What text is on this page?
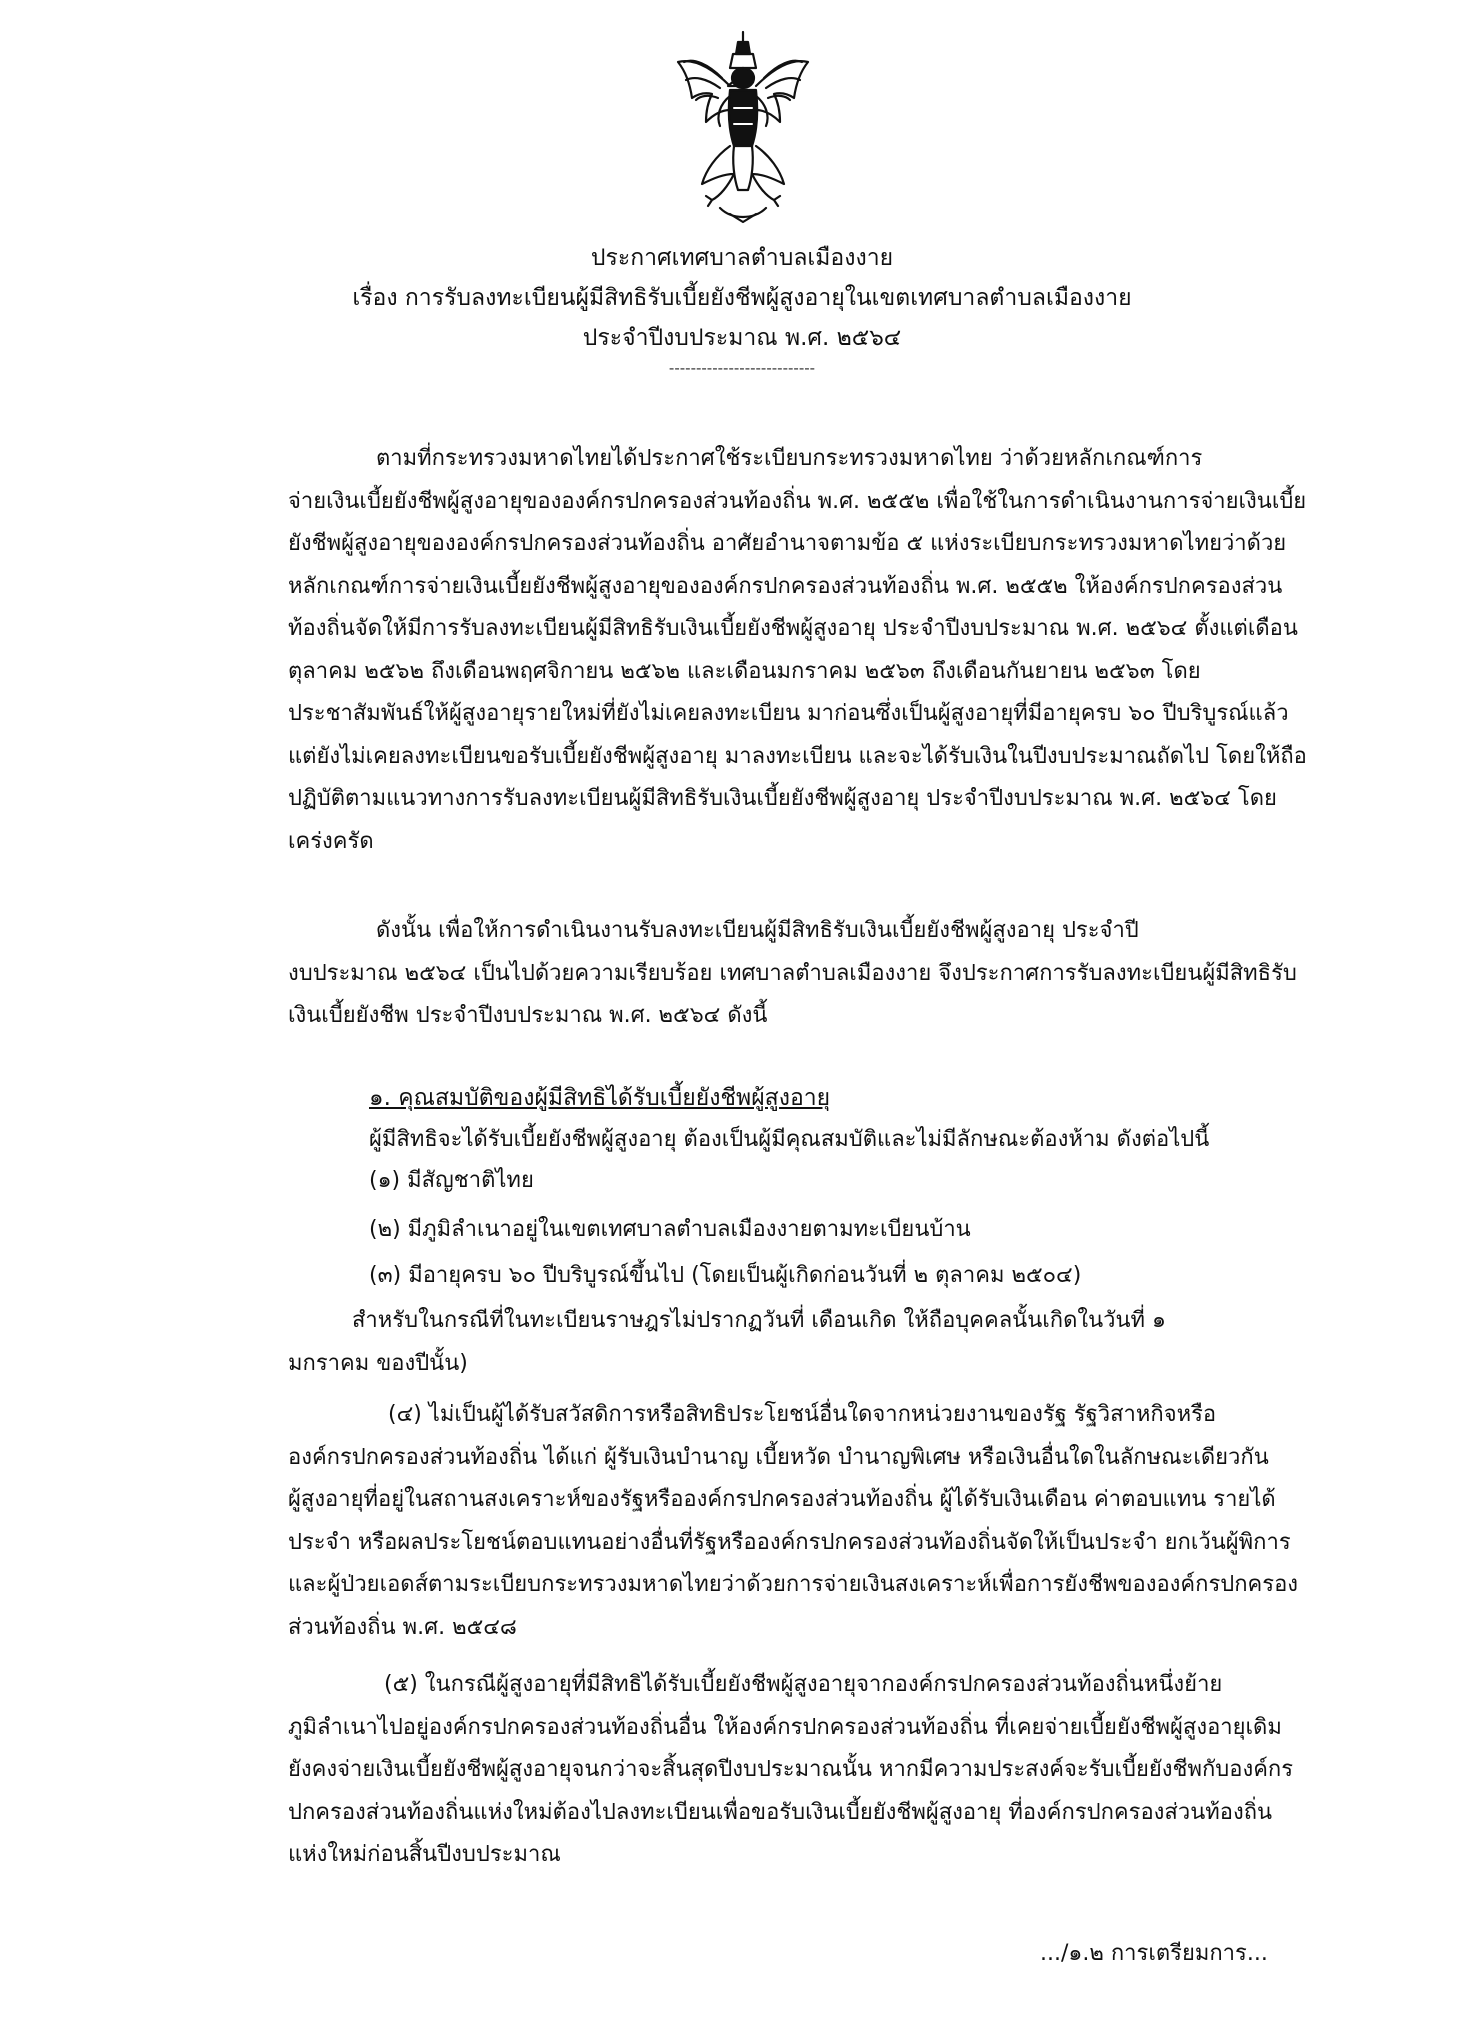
ประกาศเทศบาลตำบลเมืองงาย
เรื่อง การรับลงทะเบียนผู้มีสิทธิรับเบี้ยยังชีพผู้สูงอายุในเขตเทศบาลตำบลเมืองงาย
ประจำปีงบประมาณ พ.ศ. ๒๕๖๔
---------------------------
ตามที่กระทรวงมหาดไทยได้ประกาศใช้ระเบียบกระทรวงมหาดไทย ว่าด้วยหลักเกณฑ์การ
จ่ายเงินเบี้ยยังชีพผู้สูงอายุขององค์กรปกครองส่วนท้องถิ่น พ.ศ. ๒๕๕๒ เพื่อใช้ในการดำเนินงานการจ่ายเงินเบี้ย
ยังชีพผู้สูงอายุขององค์กรปกครองส่วนท้องถิ่น อาศัยอำนาจตามข้อ ๕ แห่งระเบียบกระทรวงมหาดไทยว่าด้วย
หลักเกณฑ์การจ่ายเงินเบี้ยยังชีพผู้สูงอายุขององค์กรปกครองส่วนท้องถิ่น พ.ศ. ๒๕๕๒ ให้องค์กรปกครองส่วน
ท้องถิ่นจัดให้มีการรับลงทะเบียนผู้มีสิทธิรับเงินเบี้ยยังชีพผู้สูงอายุ ประจำปีงบประมาณ พ.ศ. ๒๕๖๔ ตั้งแต่เดือน
ตุลาคม ๒๕๖๒ ถึงเดือนพฤศจิกายน ๒๕๖๒ และเดือนมกราคม ๒๕๖๓ ถึงเดือนกันยายน ๒๕๖๓ โดย
ประชาสัมพันธ์ให้ผู้สูงอายุรายใหม่ที่ยังไม่เคยลงทะเบียน มาก่อนซึ่งเป็นผู้สูงอายุที่มีอายุครบ ๖๐ ปีบริบูรณ์แล้ว
แต่ยังไม่เคยลงทะเบียนขอรับเบี้ยยังชีพผู้สูงอายุ มาลงทะเบียน และจะได้รับเงินในปีงบประมาณถัดไป โดยให้ถือ
ปฏิบัติตามแนวทางการรับลงทะเบียนผู้มีสิทธิรับเงินเบี้ยยังชีพผู้สูงอายุ ประจำปีงบประมาณ พ.ศ. ๒๕๖๔ โดย
เคร่งครัด
ดังนั้น เพื่อให้การดำเนินงานรับลงทะเบียนผู้มีสิทธิรับเงินเบี้ยยังชีพผู้สูงอายุ ประจำปี
งบประมาณ ๒๕๖๔ เป็นไปด้วยความเรียบร้อย เทศบาลตำบลเมืองงาย จึงประกาศการรับลงทะเบียนผู้มีสิทธิรับ
เงินเบี้ยยังชีพ ประจำปีงบประมาณ พ.ศ. ๒๕๖๔ ดังนี้
๑. คุณสมบัติของผู้มีสิทธิได้รับเบี้ยยังชีพผู้สูงอายุ
ผู้มีสิทธิจะได้รับเบี้ยยังชีพผู้สูงอายุ ต้องเป็นผู้มีคุณสมบัติและไม่มีลักษณะต้องห้าม ดังต่อไปนี้
(๑) มีสัญชาติไทย
(๒) มีภูมิลำเนาอยู่ในเขตเทศบาลตำบลเมืองงายตามทะเบียนบ้าน
(๓) มีอายุครบ ๖๐ ปีบริบูรณ์ขึ้นไป (โดยเป็นผู้เกิดก่อนวันที่ ๒ ตุลาคม ๒๕๐๔)
สำหรับในกรณีที่ในทะเบียนราษฎรไม่ปรากฏวันที่ เดือนเกิด ให้ถือบุคคลนั้นเกิดในวันที่ ๑
มกราคม ของปีนั้น)
(๔) ไม่เป็นผู้ได้รับสวัสดิการหรือสิทธิประโยชน์อื่นใดจากหน่วยงานของรัฐ รัฐวิสาหกิจหรือ
องค์กรปกครองส่วนท้องถิ่น ได้แก่ ผู้รับเงินบำนาญ เบี้ยหวัด บำนาญพิเศษ หรือเงินอื่นใดในลักษณะเดียวกัน
ผู้สูงอายุที่อยู่ในสถานสงเคราะห์ของรัฐหรือองค์กรปกครองส่วนท้องถิ่น ผู้ได้รับเงินเดือน ค่าตอบแทน รายได้
ประจำ หรือผลประโยชน์ตอบแทนอย่างอื่นที่รัฐหรือองค์กรปกครองส่วนท้องถิ่นจัดให้เป็นประจำ ยกเว้นผู้พิการ
และผู้ป่วยเอดส์ตามระเบียบกระทรวงมหาดไทยว่าด้วยการจ่ายเงินสงเคราะห์เพื่อการยังชีพขององค์กรปกครอง
ส่วนท้องถิ่น พ.ศ. ๒๕๔๘
(๕) ในกรณีผู้สูงอายุที่มีสิทธิได้รับเบี้ยยังชีพผู้สูงอายุจากองค์กรปกครองส่วนท้องถิ่นหนึ่งย้าย
ภูมิลำเนาไปอยู่องค์กรปกครองส่วนท้องถิ่นอื่น ให้องค์กรปกครองส่วนท้องถิ่น ที่เคยจ่ายเบี้ยยังชีพผู้สูงอายุเดิม
ยังคงจ่ายเงินเบี้ยยังชีพผู้สูงอายุจนกว่าจะสิ้นสุดปีงบประมาณนั้น หากมีความประสงค์จะรับเบี้ยยังชีพกับองค์กร
ปกครองส่วนท้องถิ่นแห่งใหม่ต้องไปลงทะเบียนเพื่อขอรับเงินเบี้ยยังชีพผู้สูงอายุ ที่องค์กรปกครองส่วนท้องถิ่น
แห่งใหม่ก่อนสิ้นปีงบประมาณ
.../๑.๒ การเตรียมการ...
